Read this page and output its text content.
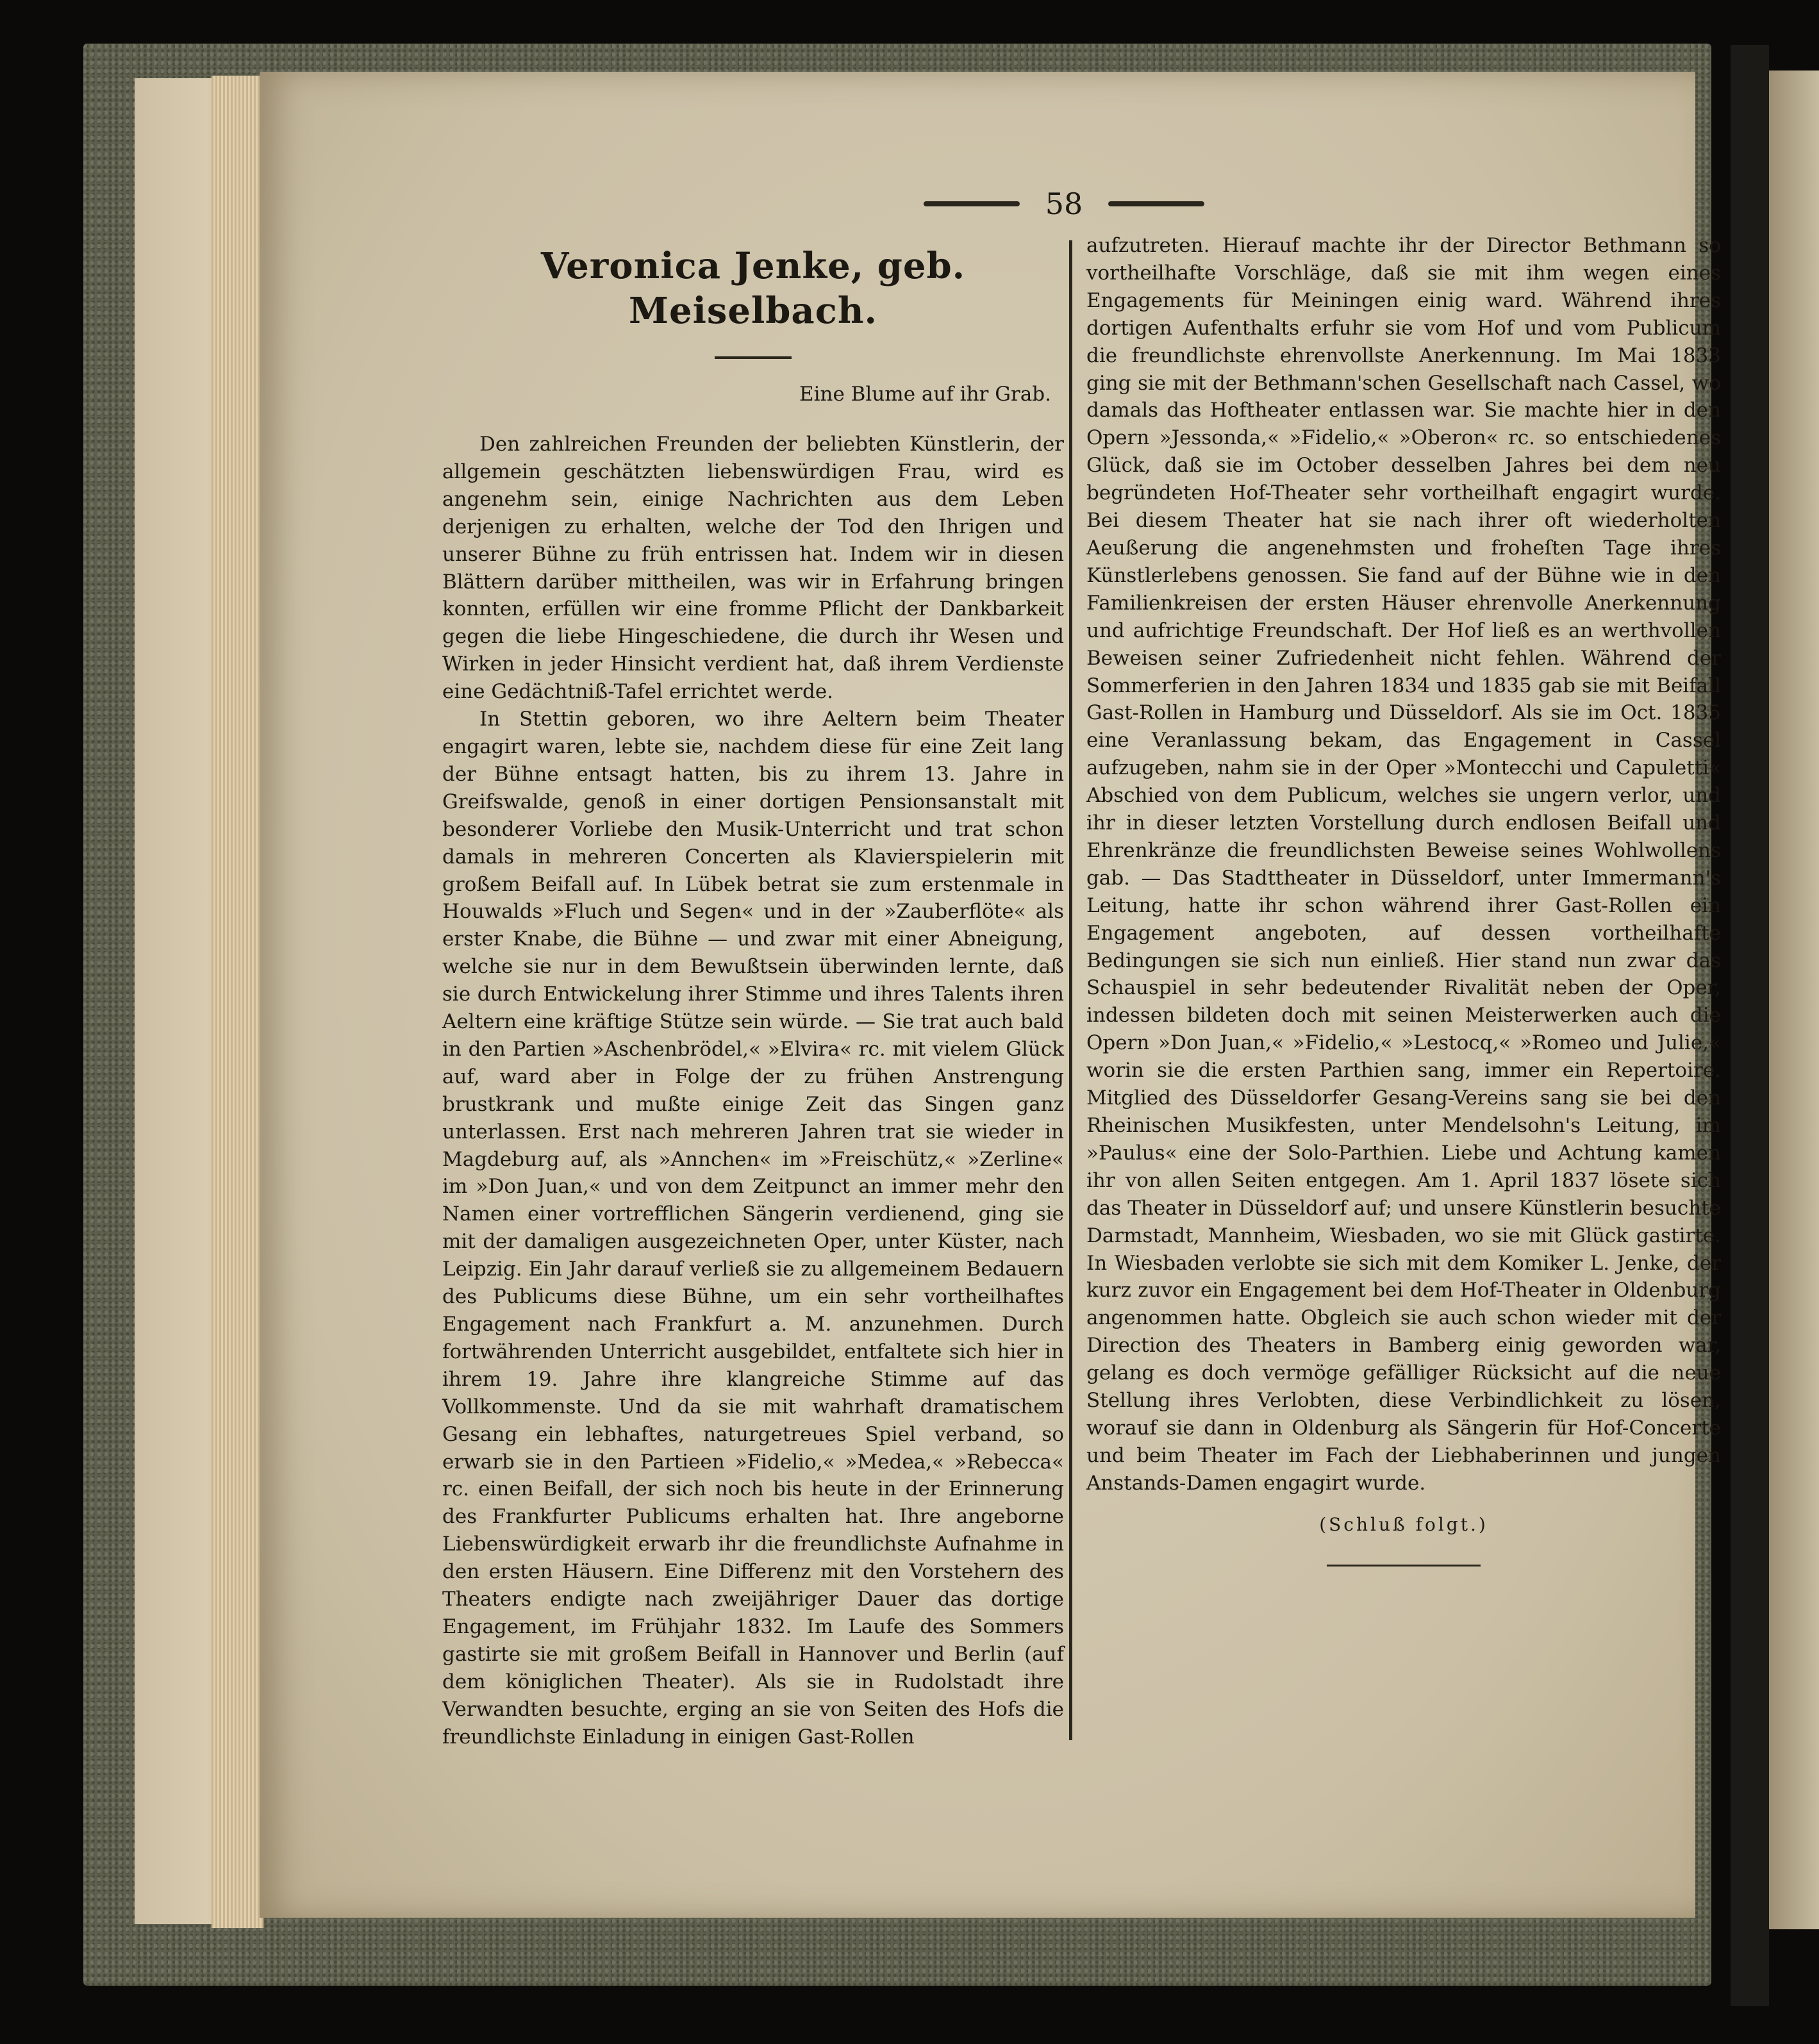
58
Veronica Jenke, geb. Meiselbach.

Eine Blume auf ihr Grab.

Den zahlreichen Freunden der beliebten Künstlerin, der allgemein geschätzten liebenswürdigen Frau, wird es angenehm sein, einige Nachrichten aus dem Leben derjenigen zu erhalten, welche der Tod den Ihrigen und unserer Bühne zu früh entrissen hat. Indem wir in diesen Blättern darüber mittheilen, was wir in Erfahrung bringen konnten, erfüllen wir eine fromme Pflicht der Dankbarkeit gegen die liebe Hingeschiedene, die durch ihr Wesen und Wirken in jeder Hinsicht verdient hat, daß ihrem Verdienste eine Gedächtniß-Tafel errichtet werde.

In Stettin geboren, wo ihre Aeltern beim Theater engagirt waren, lebte sie, nachdem diese für eine Zeit lang der Bühne entsagt hatten, bis zu ihrem 13. Jahre in Greifswalde, genoß in einer dortigen Pensionsanstalt mit besonderer Vorliebe den Musik-Unterricht und trat schon damals in mehreren Concerten als Klavierspielerin mit großem Beifall auf. In Lübek betrat sie zum erstenmale in Houwalds »Fluch und Segen« und in der »Zauberflöte« als erster Knabe, die Bühne — und zwar mit einer Abneigung, welche sie nur in dem Bewußtsein überwinden lernte, daß sie durch Entwickelung ihrer Stimme und ihres Talents ihren Aeltern eine kräftige Stütze sein würde. — Sie trat auch bald in den Partien »Aschenbrödel,« »Elvira« rc. mit vielem Glück auf, ward aber in Folge der zu frühen Anstrengung brustkrank und mußte einige Zeit das Singen ganz unterlassen. Erst nach mehreren Jahren trat sie wieder in Magdeburg auf, als »Annchen« im »Freischütz,« »Zerline« im »Don Juan,« und von dem Zeitpunct an immer mehr den Namen einer vortrefflichen Sängerin verdienend, ging sie mit der damaligen ausgezeichneten Oper, unter Küster, nach Leipzig. Ein Jahr darauf verließ sie zu allgemeinem Bedauern des Publicums diese Bühne, um ein sehr vortheilhaftes Engagement nach Frankfurt a. M. anzunehmen. Durch fortwährenden Unterricht ausgebildet, entfaltete sich hier in ihrem 19. Jahre ihre klangreiche Stimme auf das Vollkommenste. Und da sie mit wahrhaft dramatischem Gesang ein lebhaftes, naturgetreues Spiel verband, so erwarb sie in den Partieen »Fidelio,« »Medea,« »Rebecca« rc. einen Beifall, der sich noch bis heute in der Erinnerung des Frankfurter Publicums erhalten hat. Ihre angeborne Liebenswürdigkeit erwarb ihr die freundlichste Aufnahme in den ersten Häusern. Eine Differenz mit den Vorstehern des Theaters endigte nach zweijähriger Dauer das dortige Engagement, im Frühjahr 1832. Im Laufe des Sommers gastirte sie mit großem Beifall in Hannover und Berlin (auf dem königlichen Theater). Als sie in Rudolstadt ihre Verwandten besuchte, erging an sie von Seiten des Hofs die freundlichste Einladung in einigen Gast-Rollen

aufzutreten. Hierauf machte ihr der Director Bethmann so vortheilhafte Vorschläge, daß sie mit ihm wegen eines Engagements für Meiningen einig ward. Während ihres dortigen Aufenthalts erfuhr sie vom Hof und vom Publicum die freundlichste ehrenvollste Anerkennung. Im Mai 1833 ging sie mit der Bethmann'schen Gesellschaft nach Cassel, wo damals das Hoftheater entlassen war. Sie machte hier in den Opern »Jessonda,« »Fidelio,« »Oberon« rc. so entschiedenes Glück, daß sie im October desselben Jahres bei dem neu begründeten Hof-Theater sehr vortheilhaft engagirt wurde. Bei diesem Theater hat sie nach ihrer oft wiederholten Aeußerung die angenehmsten und froheſten Tage ihres Künstlerlebens genossen. Sie fand auf der Bühne wie in den Familienkreisen der ersten Häuser ehrenvolle Anerkennung und aufrichtige Freundschaft. Der Hof ließ es an werthvollen Beweisen seiner Zufriedenheit nicht fehlen. Während der Sommerferien in den Jahren 1834 und 1835 gab sie mit Beifall Gast-Rollen in Hamburg und Düsseldorf. Als sie im Oct. 1835 eine Veranlassung bekam, das Engagement in Cassel aufzugeben, nahm sie in der Oper »Montecchi und Capuletti« Abschied von dem Publicum, welches sie ungern verlor, und ihr in dieser letzten Vorstellung durch endlosen Beifall und Ehrenkränze die freundlichsten Beweise seines Wohlwollens gab. — Das Stadttheater in Düsseldorf, unter Immermann's Leitung, hatte ihr schon während ihrer Gast-Rollen ein Engagement angeboten, auf dessen vortheilhafte Bedingungen sie sich nun einließ. Hier stand nun zwar das Schauspiel in sehr bedeutender Rivalität neben der Oper, indessen bildeten doch mit seinen Meisterwerken auch die Opern »Don Juan,« »Fidelio,« »Lestocq,« »Romeo und Julie,« worin sie die ersten Parthien sang, immer ein Repertoire. Mitglied des Düsseldorfer Gesang-Vereins sang sie bei den Rheinischen Musikfesten, unter Mendelsohn's Leitung, im »Paulus« eine der Solo-Parthien. Liebe und Achtung kamen ihr von allen Seiten entgegen. Am 1. April 1837 lösete sich das Theater in Düsseldorf auf; und unsere Künstlerin besuchte Darmstadt, Mannheim, Wiesbaden, wo sie mit Glück gastirte. In Wiesbaden verlobte sie sich mit dem Komiker L. Jenke, der kurz zuvor ein Engagement bei dem Hof-Theater in Oldenburg angenommen hatte. Obgleich sie auch schon wieder mit der Direction des Theaters in Bamberg einig geworden war, gelang es doch vermöge gefälliger Rücksicht auf die neue Stellung ihres Verlobten, diese Verbindlichkeit zu lösen, worauf sie dann in Oldenburg als Sängerin für Hof-Concerte und beim Theater im Fach der Liebhaberinnen und jungen Anstands-Damen engagirt wurde.

(Schluß folgt.)
